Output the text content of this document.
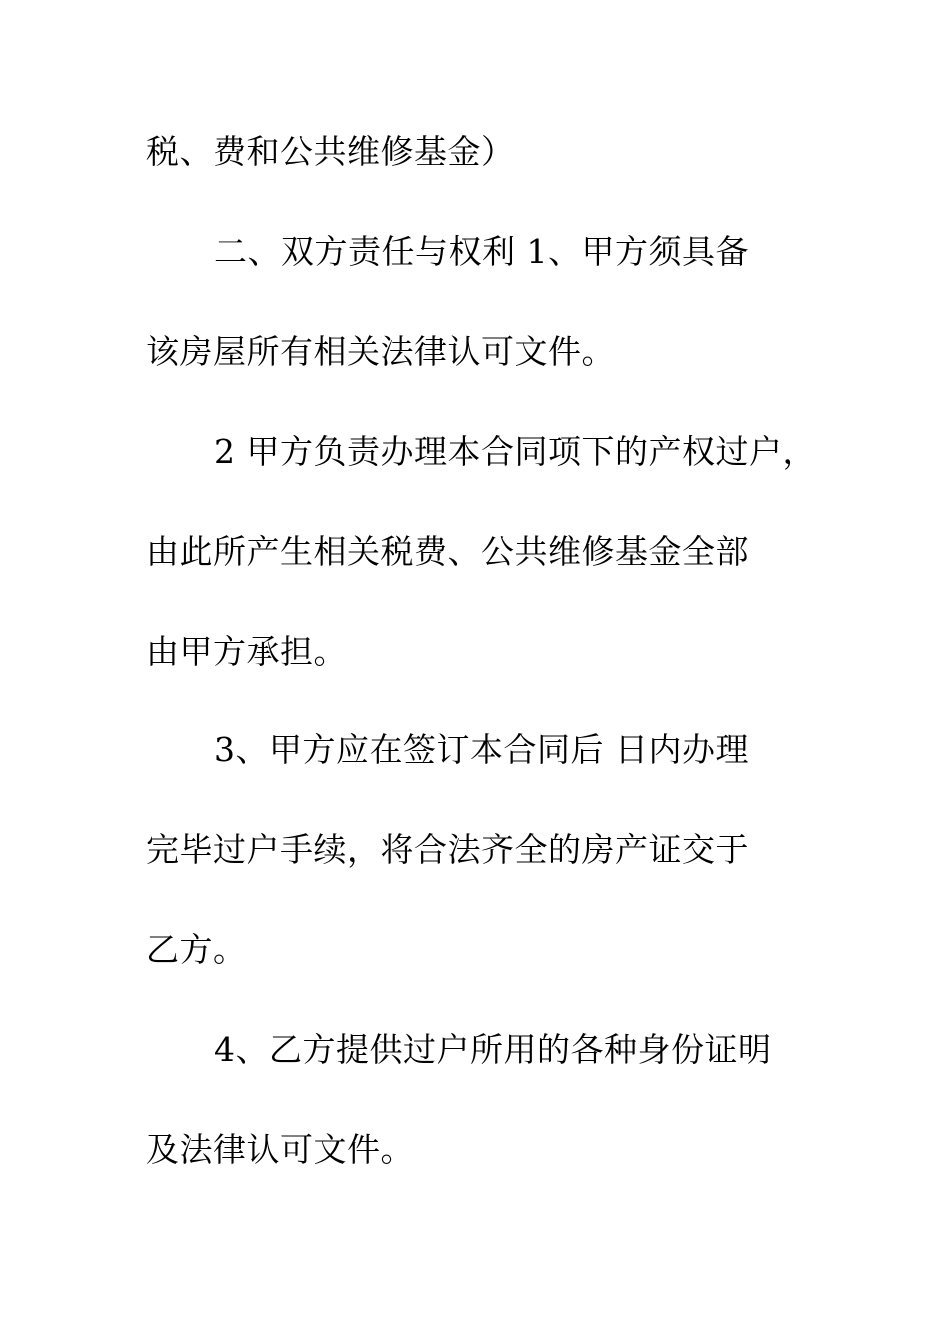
税、费和公共维修基金）
二、双方责任与权利 1、甲方须具备
该房屋所有相关法律认可文件。
2 甲方负责办理本合同项下的产权过户，
由此所产生相关税费、公共维修基金全部
由甲方承担。
3、甲方应在签订本合同后 日内办理
完毕过户手续，将合法齐全的房产证交于
乙方。
4、乙方提供过户所用的各种身份证明
及法律认可文件。
